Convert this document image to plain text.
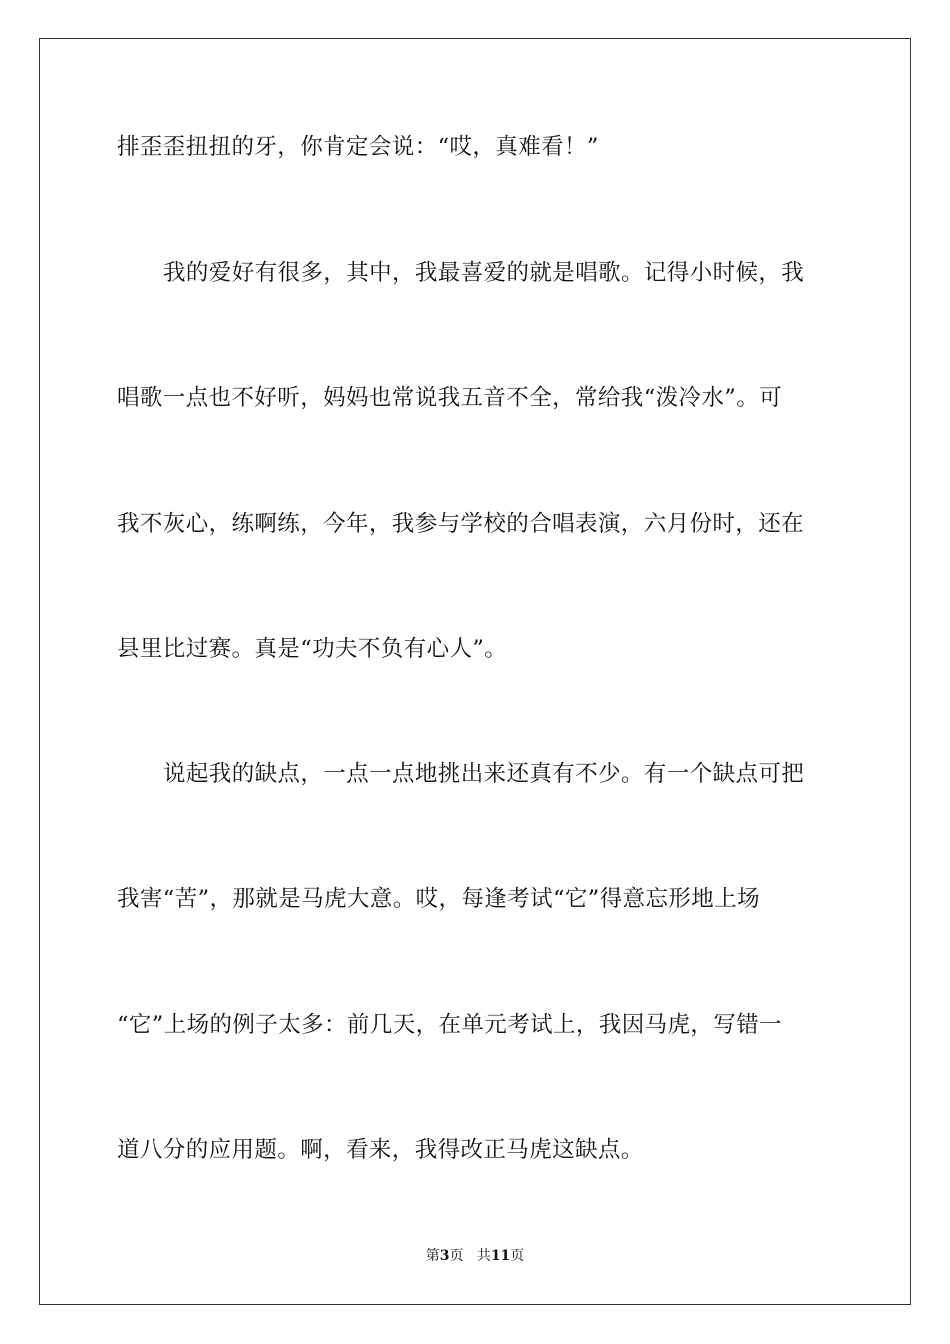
排歪歪扭扭的牙，你肯定会说：“哎，真难看！”
我的爱好有很多，其中，我最喜爱的就是唱歌。记得小时候，我
唱歌一点也不好听，妈妈也常说我五音不全，常给我“泼冷水”。可
我不灰心，练啊练，今年，我参与学校的合唱表演，六月份时，还在
县里比过赛。真是“功夫不负有心人”。
说起我的缺点，一点一点地挑出来还真有不少。有一个缺点可把
我害“苦”，那就是马虎大意。哎，每逢考试“它”得意忘形地上场
“它”上场的例子太多：前几天，在单元考试上，我因马虎，写错一
道八分的应用题。啊，看来，我得改正马虎这缺点。
第3页 共11页
